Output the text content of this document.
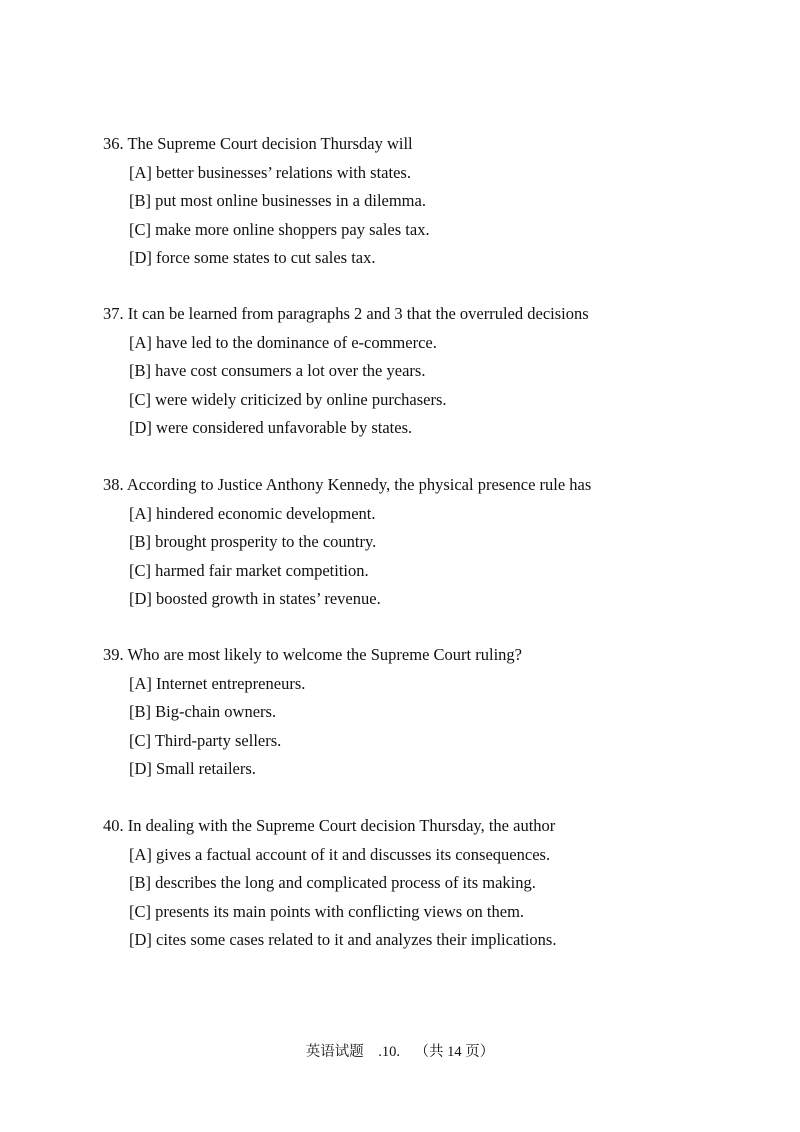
36. The Supreme Court decision Thursday will
[A] better businesses’ relations with states.
[B] put most online businesses in a dilemma.
[C] make more online shoppers pay sales tax.
[D] force some states to cut sales tax.
37. It can be learned from paragraphs 2 and 3 that the overruled decisions
[A] have led to the dominance of e-commerce.
[B] have cost consumers a lot over the years.
[C] were widely criticized by online purchasers.
[D] were considered unfavorable by states.
38. According to Justice Anthony Kennedy, the physical presence rule has
[A] hindered economic development.
[B] brought prosperity to the country.
[C] harmed fair market competition.
[D] boosted growth in states’ revenue.
39. Who are most likely to welcome the Supreme Court ruling?
[A] Internet entrepreneurs.
[B] Big-chain owners.
[C] Third-party sellers.
[D] Small retailers.
40. In dealing with the Supreme Court decision Thursday, the author
[A] gives a factual account of it and discusses its consequences.
[B] describes the long and complicated process of its making.
[C] presents its main points with conflicting views on them.
[D] cites some cases related to it and analyzes their implications.
英语试题    .10.    （共 14 页）
